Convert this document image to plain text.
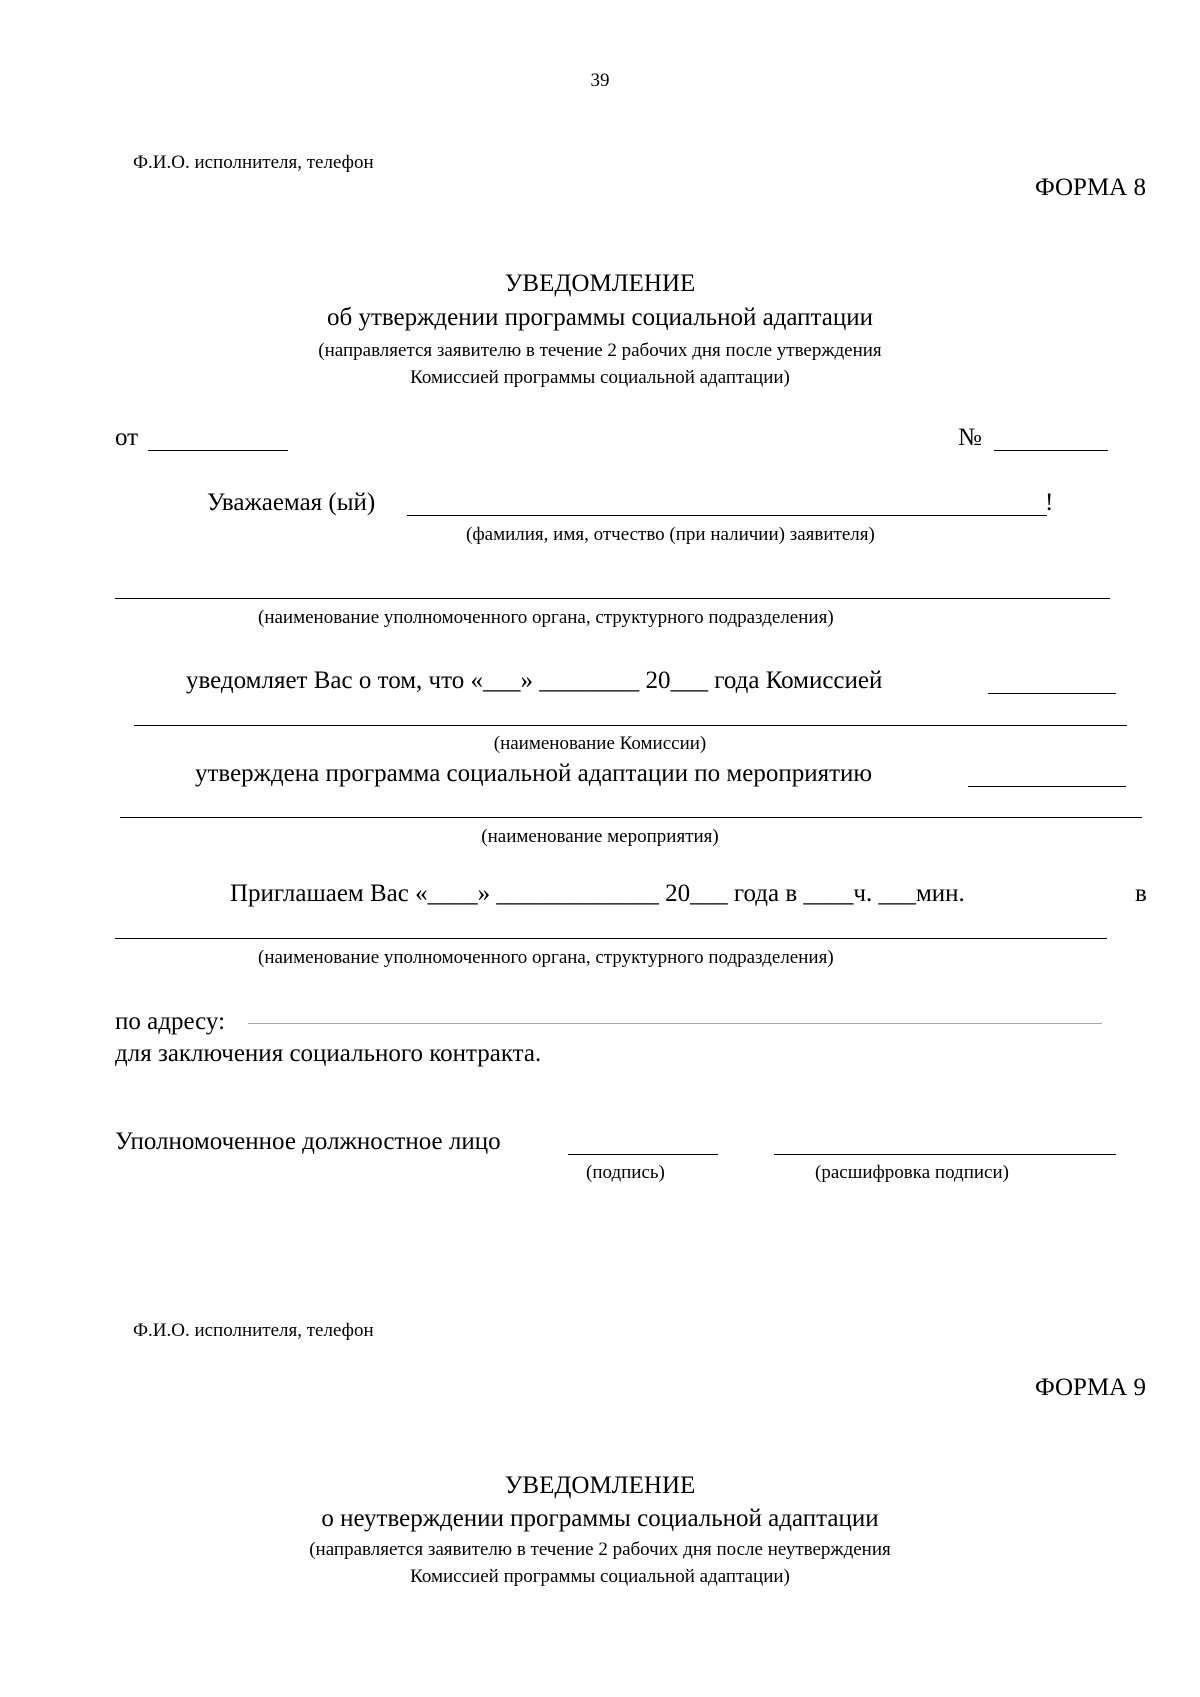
39
Ф.И.О. исполнителя, телефон
ФОРМА 8
УВЕДОМЛЕНИЕ
об утверждении программы социальной адаптации
(направляется заявителю в течение 2 рабочих дня после утверждения
Комиссией программы социальной адаптации)
от	№
Уважаемая (ый)	!
(фамилия, имя, отчество (при наличии) заявителя)
(наименование уполномоченного органа, структурного подразделения)
уведомляет Вас о том, что «___» ________ 20___ года Комиссией
(наименование Комиссии)
утверждена программа социальной адаптации по мероприятию
(наименование мероприятия)
Приглашаем Вас «____» _____________ 20___ года в ____ч. ___мин.	в
(наименование уполномоченного органа, структурного подразделения)
по адресу:
для заключения социального контракта.
Уполномоченное должностное лицо
(подпись)	(расшифровка подписи)
Ф.И.О. исполнителя, телефон
ФОРМА 9
УВЕДОМЛЕНИЕ
о неутверждении программы социальной адаптации
(направляется заявителю в течение 2 рабочих дня после неутверждения
Комиссией программы социальной адаптации)
